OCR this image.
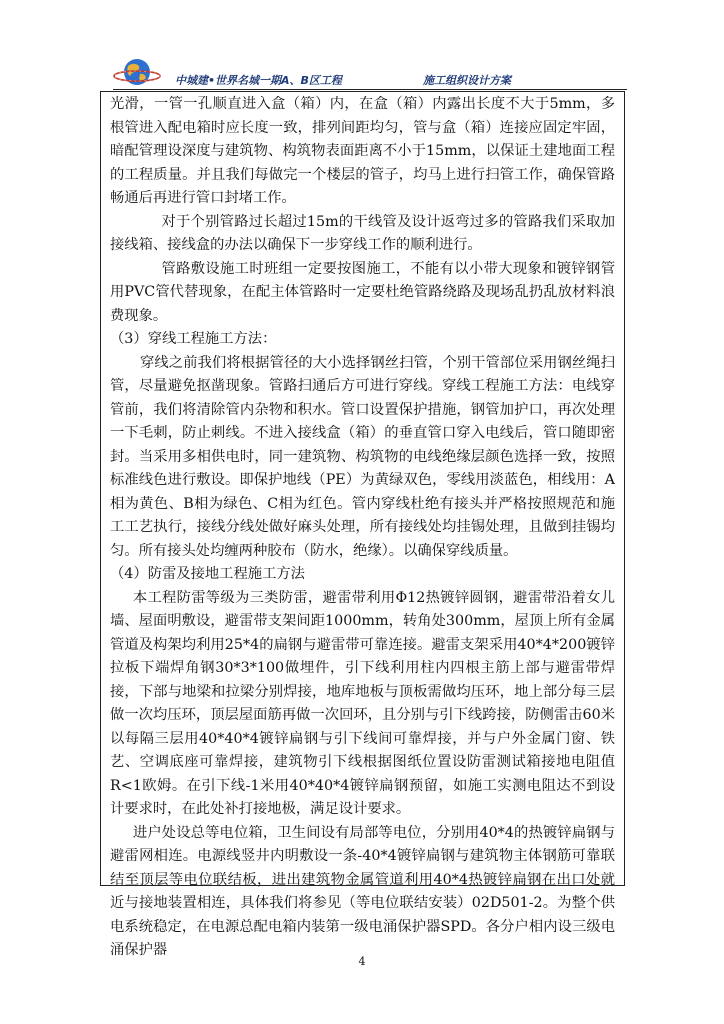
中城建•世界名城一期A、B区工程	施工组织设计方案

光滑，一管一孔顺直进入盒（箱）内，在盒（箱）内露出长度不大于5mm，多根管进入配电箱时应长度一致，排列间距均匀，管与盒（箱）连接应固定牢固，暗配管理设深度与建筑物、构筑物表面距离不小于15mm，以保证土建地面工程的工程质量。并且我们每做完一个楼层的管子，均马上进行扫管工作，确保管路畅通后再进行管口封堵工作。

对于个别管路过长超过15m的干线管及设计返弯过多的管路我们采取加接线箱、接线盒的办法以确保下一步穿线工作的顺利进行。

管路敷设施工时班组一定要按图施工，不能有以小带大现象和镀锌钢管用PVC管代替现象，在配主体管路时一定要杜绝管路绕路及现场乱扔乱放材料浪费现象。

（3）穿线工程施工方法：

穿线之前我们将根据管径的大小选择钢丝扫管，个别干管部位采用钢丝绳扫管，尽量避免抠凿现象。管路扫通后方可进行穿线。穿线工程施工方法：电线穿管前，我们将清除管内杂物和积水。管口设置保护措施，钢管加护口，再次处理一下毛刺，防止刺线。不进入接线盒（箱）的垂直管口穿入电线后，管口随即密封。当采用多相供电时，同一建筑物、构筑物的电线绝缘层颜色选择一致，按照标准线色进行敷设。即保护地线（PE）为黄绿双色，零线用淡蓝色，相线用：A相为黄色、B相为绿色、C相为红色。管内穿线杜绝有接头并严格按照规范和施工工艺执行，接线分线处做好麻头处理，所有接线处均挂锡处理，且做到挂锡均匀。所有接头处均缠两种胶布（防水，绝缘）。以确保穿线质量。

（4）防雷及接地工程施工方法

本工程防雷等级为三类防雷，避雷带利用Φ12热镀锌圆钢，避雷带沿着女儿墙、屋面明敷设，避雷带支架间距1000mm，转角处300mm，屋顶上所有金属管道及构架均利用25*4的扁钢与避雷带可靠连接。避雷支架采用40*4*200镀锌拉板下端焊角钢30*3*100做埋件，引下线利用柱内四根主筋上部与避雷带焊接，下部与地梁和拉梁分别焊接，地库地板与顶板需做均压环，地上部分每三层做一次均压环，顶层屋面筋再做一次回环，且分别与引下线跨接，防侧雷击60米以每隔三层用40*40*4镀锌扁钢与引下线间可靠焊接，并与户外金属门窗、铁艺、空调底座可靠焊接，建筑物引下线根据图纸位置设防雷测试箱接地电阻值R<1欧姆。在引下线-1米用40*40*4镀锌扁钢预留，如施工实测电阻达不到设计要求时，在此处补打接地极，满足设计要求。

进户处设总等电位箱，卫生间设有局部等电位，分别用40*4的热镀锌扁钢与避雷网相连。电源线竖井内明敷设一条-40*4镀锌扁钢与建筑物主体钢筋可靠联结至顶层等电位联结板，进出建筑物金属管道利用40*4热镀锌扁钢在出口处就近与接地装置相连，具体我们将参见（等电位联结安装）02D501-2。为整个供电系统稳定，在电源总配电箱内装第一级电涌保护器SPD。各分户相内设三级电涌保护器

4
